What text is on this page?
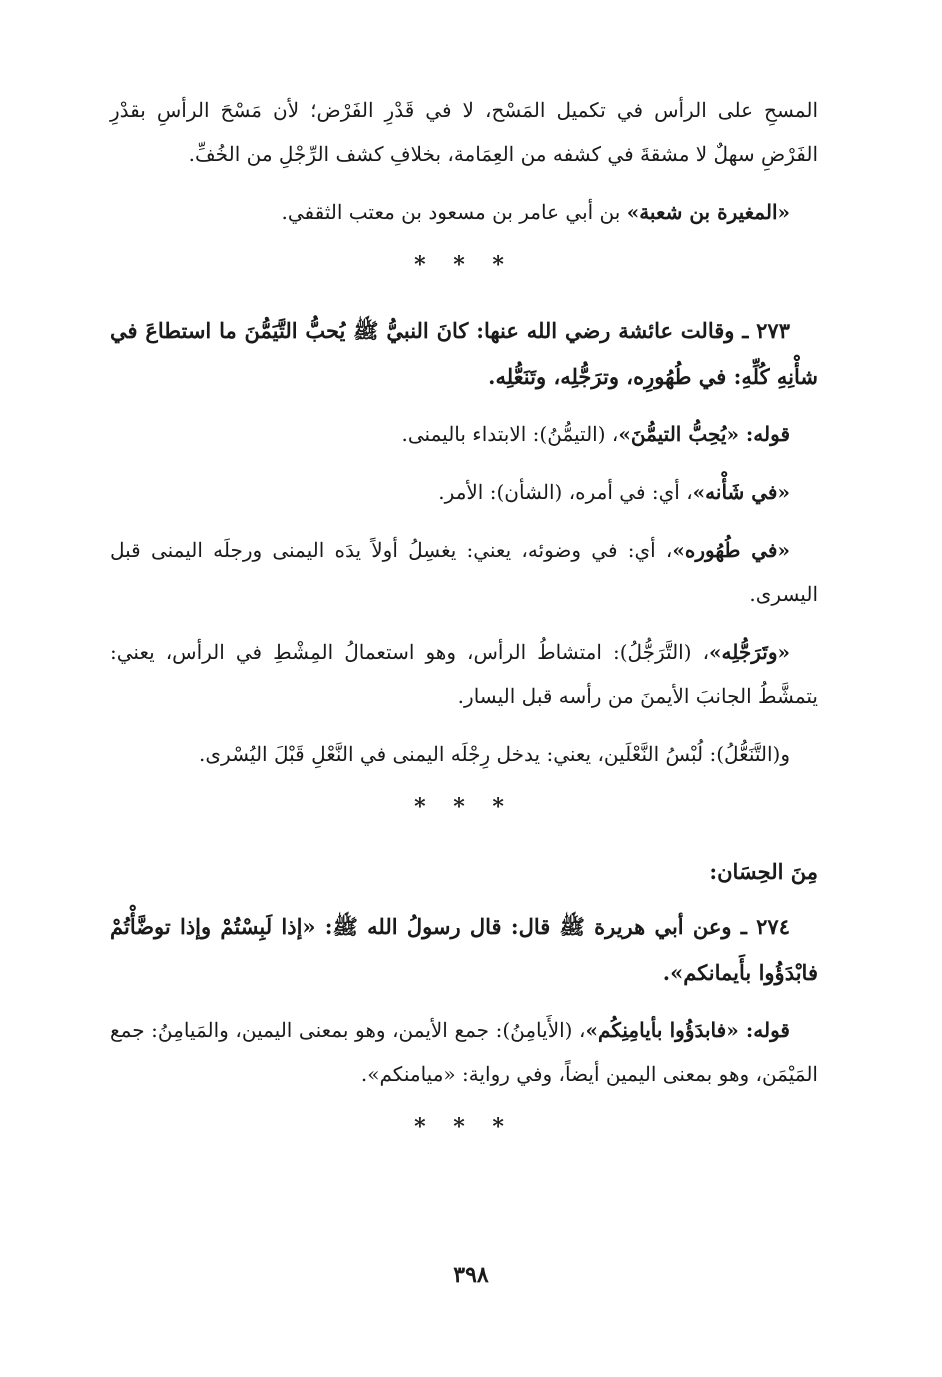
المسحِ على الرأس في تكميل المَسْح، لا في قَدْرِ الفَرْض؛ لأن مَسْحَ الرأسِ بقدْرِ الفَرْضِ سهلٌ لا مشقةَ في كشفه من العِمَامة، بخلافِ كشف الرِّجْلِ من الخُفِّ.

«المغيرة بن شعبة» بن أبي عامر بن مسعود بن معتب الثقفي.

* * *

٢٧٣ ـ وقالت عائشة رضي الله عنها: كانَ النبيُّ ﷺ يُحبُّ التَّيَمُّنَ ما استطاعَ في شأْنِهِ كُلِّهِ: في طُهُورِه، وترَجُّلِه، وتَنَعُّلِه.

قوله: «يُحِبُّ التيمُّنَ»، (التيمُّنُ): الابتداء باليمنى.

«في شَأْنه»، أي: في أمره، (الشأن): الأمر.

«في طُهُوره»، أي: في وضوئه، يعني: يغسِلُ أولاً يدَه اليمنى ورجلَه اليمنى قبل اليسرى.

«وتَرَجُّلِه»، (التَّرَجُّلُ): امتشاطُ الرأس، وهو استعمالُ المِشْطِ في الرأس، يعني: يتمشَّطُ الجانبَ الأيمنَ من رأسه قبل اليسار.

و(التَّنَعُّلُ): لُبْسُ النَّعْلَين، يعني: يدخل رِجْلَه اليمنى في النَّعْلِ قَبْلَ اليُسْرى.

* * *

مِنَ الحِسَان:

٢٧٤ ـ وعن أبي هريرة ﷺ قال: قال رسولُ الله ﷺ: «إذا لَبِسْتُمْ وإذا توضَّأْتُمْ فابْدَؤُوا بأَيمانكم».

قوله: «فابدَؤُوا بأيامِنِكُم»، (الأَيامِنُ): جمع الأيمن، وهو بمعنى اليمين، والمَيامِنُ: جمع المَيْمَن، وهو بمعنى اليمين أيضاً، وفي رواية: «ميامنكم».

* * *
٣٩٨
